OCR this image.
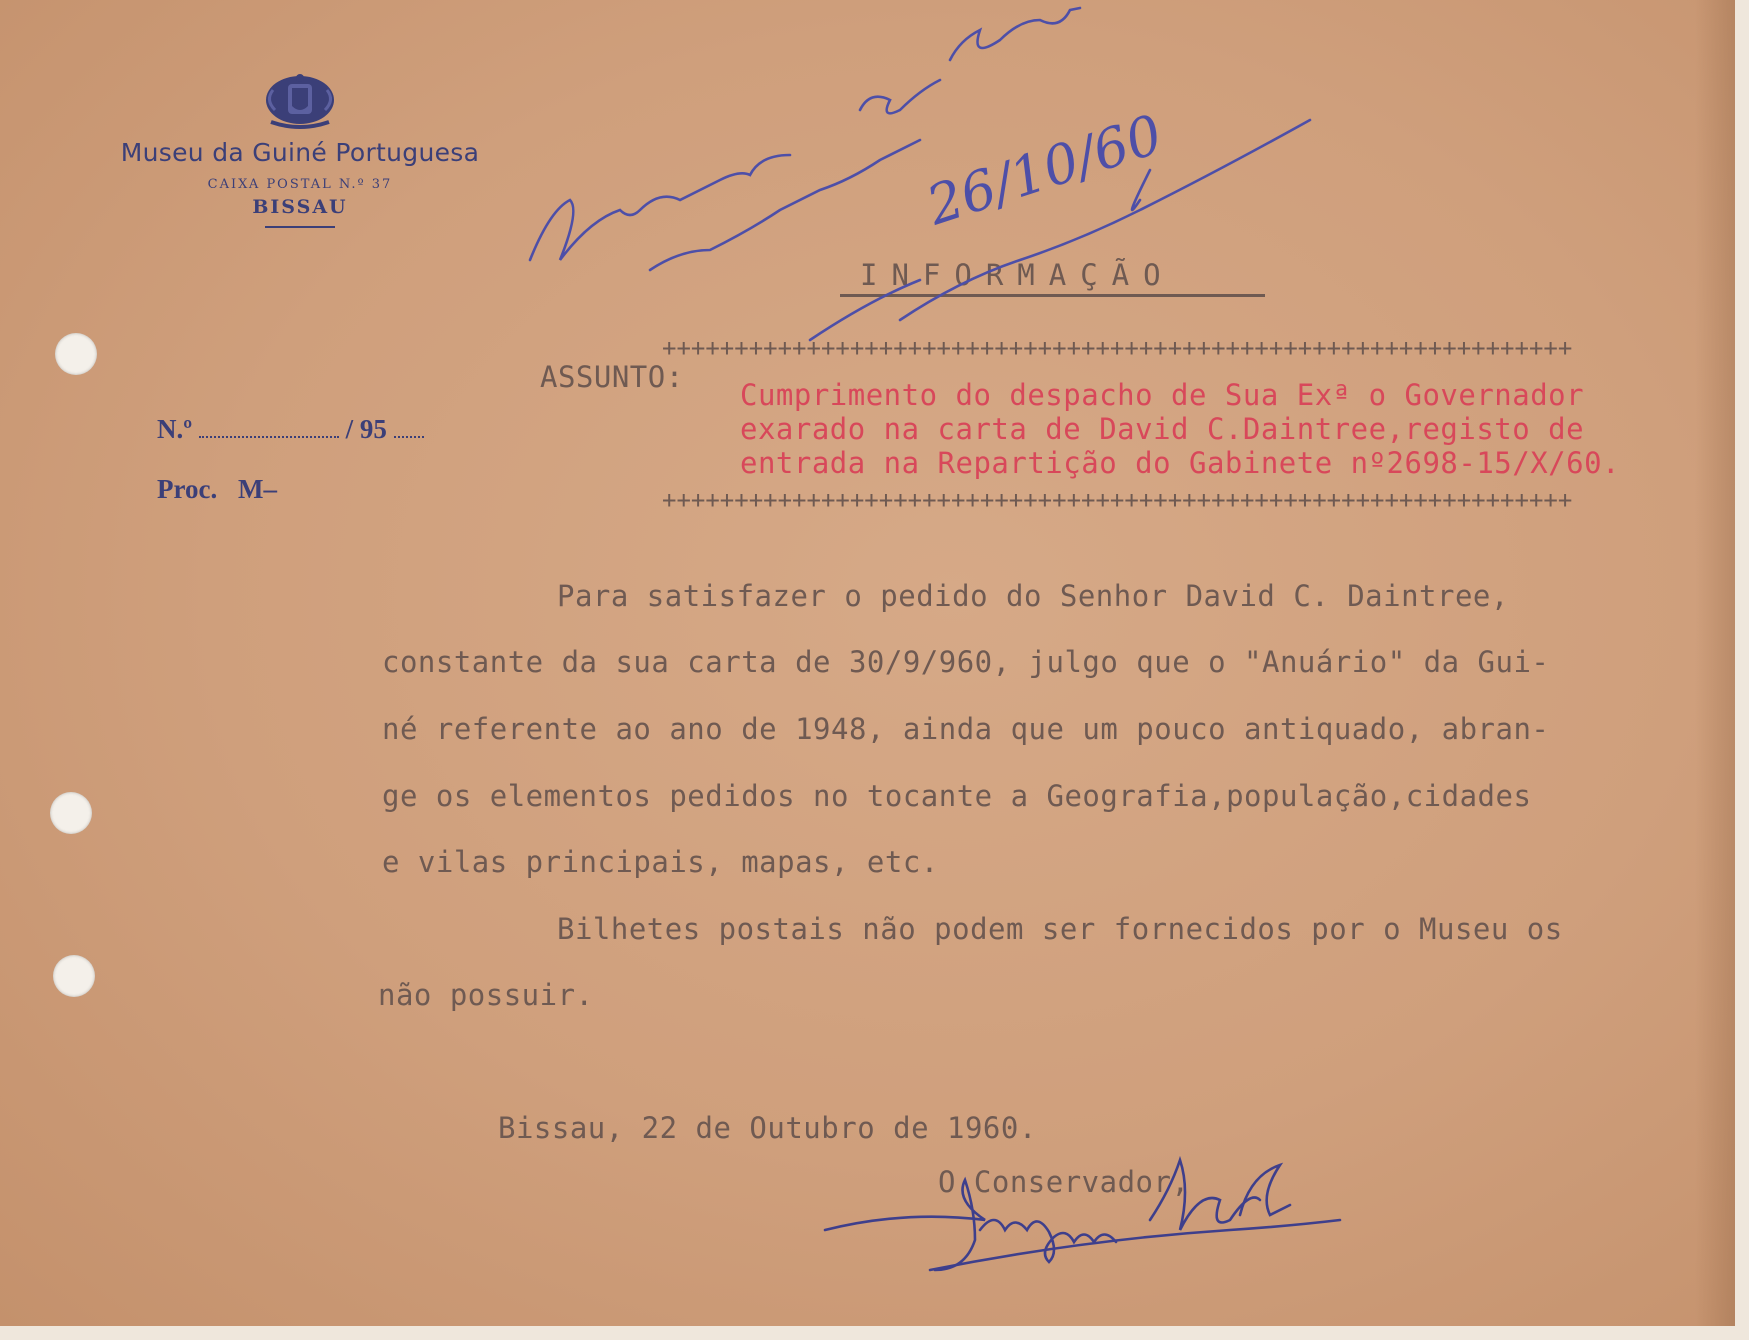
Museu da Guiné Portuguesa
CAIXA POSTAL N.º 37
BISSAU
N.º	/ 95
Proc. M–
INFORMAÇÃO
+++++++++++++++++++++++++++++++++++++++++++++++++++++++++++++++
+++++++++++++++++++++++++++++++++++++++++++++++++++++++++++++++
ASSUNTO:
Cumprimento do despacho de Sua Exª o Governador
exarado na carta de David C.Daintree,registo de
entrada na Repartição do Gabinete nº2698-15/X/60.
Para satisfazer o pedido do Senhor David C. Daintree,
constante da sua carta de 30/9/960, julgo que o "Anuário" da Gui-
né referente ao ano de 1948, ainda que um pouco antiquado, abran-
ge os elementos pedidos no tocante a Geografia,população,cidades
e vilas principais, mapas, etc.
Bilhetes postais não podem ser fornecidos por o Museu os
não possuir.
Bissau, 22 de Outubro de 1960.
O Conservador,
26/10/60
